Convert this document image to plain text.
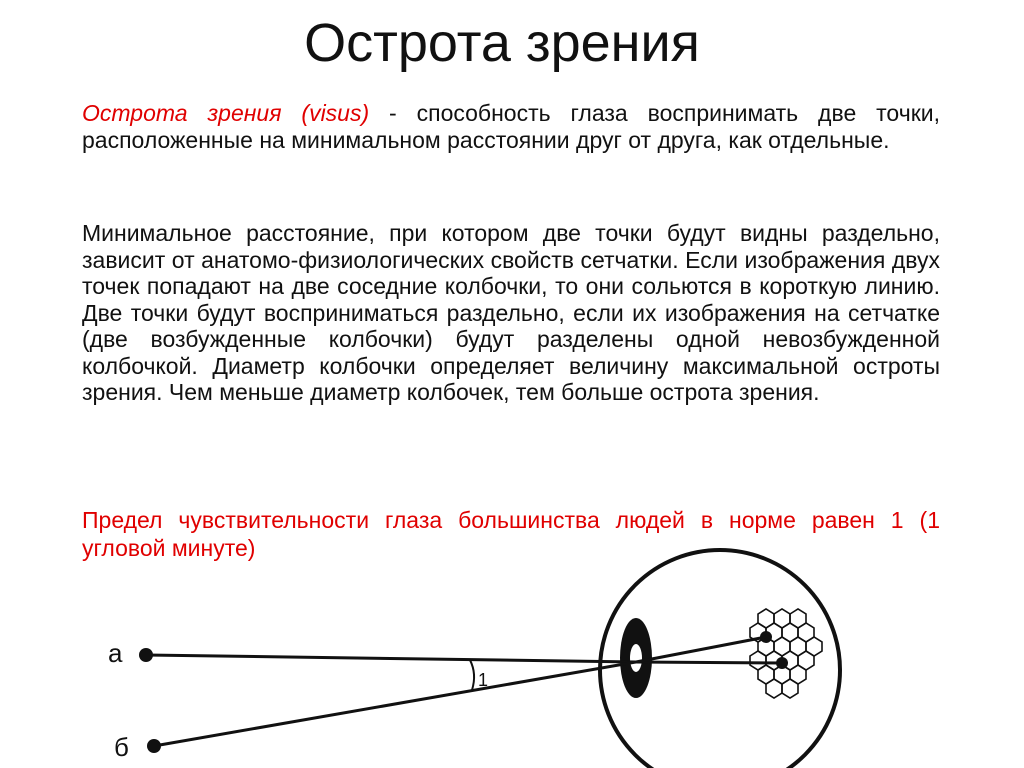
Острота зрения

Острота зрения (visus) - способность глаза воспринимать две точки, расположенные на минимальном расстоянии друг от друга, как отдельные.

Минимальное расстояние, при котором две точки будут видны раздельно, зависит от анатомо-физиологических свойств сетчатки. Если изображения двух точек попадают на две соседние колбочки, то они сольются в короткую линию. Две точки будут восприниматься раздельно, если их изображения на сетчатке (две возбужденные колбочки) будут разделены одной невозбужденной колбочкой. Диаметр колбочки определяет величину максимальной остроты зрения. Чем меньше диаметр колбочек, тем больше острота зрения.

Предел чувствительности глаза большинства людей в норме равен 1 (1 угловой минуте)

1
а
б
